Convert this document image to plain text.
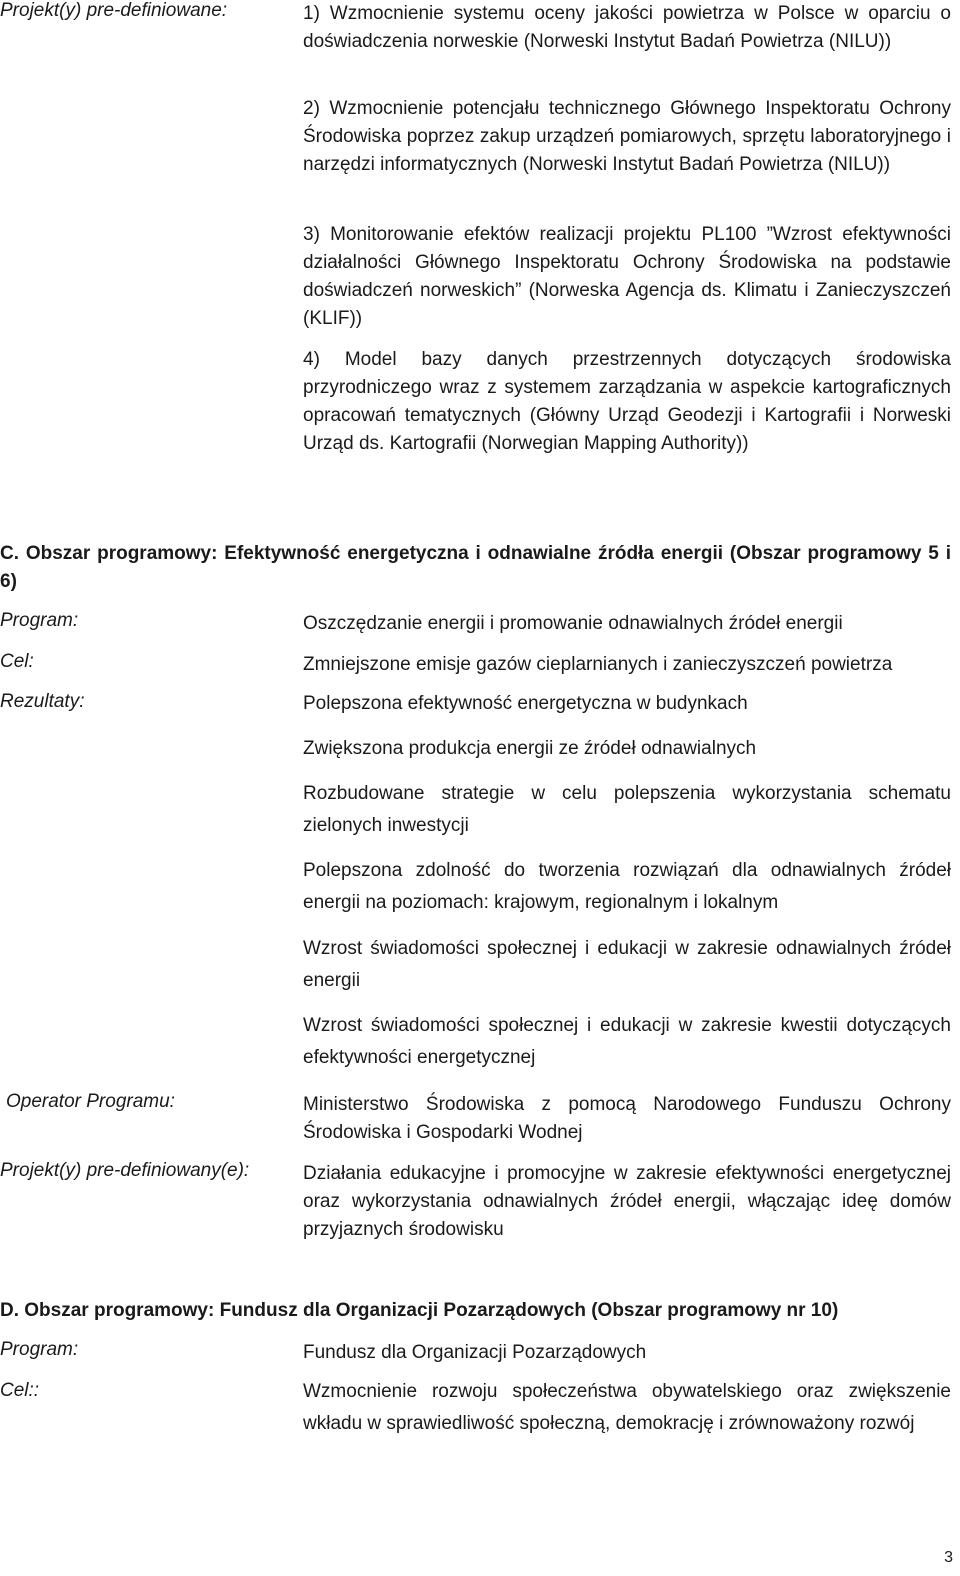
Projekt(y) pre-definiowane:	1) Wzmocnienie systemu oceny jakości powietrza w Polsce w oparciu o doświadczenia norweskie (Norweski Instytut Badań Powietrza (NILU))
2) Wzmocnienie potencjału technicznego Głównego Inspektoratu Ochrony Środowiska poprzez zakup urządzeń pomiarowych, sprzętu laboratoryjnego i narzędzi informatycznych (Norweski Instytut Badań Powietrza (NILU))
3) Monitorowanie efektów realizacji projektu PL100 ”Wzrost efektywności działalności Głównego Inspektoratu Ochrony Środowiska na podstawie doświadczeń norweskich” (Norweska Agencja ds. Klimatu i Zanieczyszczeń (KLIF))
4) Model bazy danych przestrzennych dotyczących środowiska przyrodniczego wraz z systemem zarządzania w aspekcie kartograficznych opracowań tematycznych (Główny Urząd Geodezji i Kartografii i Norweski Urząd ds. Kartografii (Norwegian Mapping Authority))
C. Obszar programowy: Efektywność energetyczna i odnawialne źródła energii (Obszar programowy 5 i 6)
Program:	Oszczędzanie energii i promowanie odnawialnych źródeł energii
Cel:	Zmniejszone emisje gazów cieplarnianych i zanieczyszczeń powietrza
Rezultaty:	Polepszona efektywność energetyczna w budynkach
Zwiększona produkcja energii ze źródeł odnawialnych
Rozbudowane strategie w celu polepszenia wykorzystania schematu zielonych inwestycji
Polepszona zdolność do tworzenia rozwiązań dla odnawialnych źródeł energii na poziomach: krajowym, regionalnym i lokalnym
Wzrost świadomości społecznej i edukacji w zakresie odnawialnych źródeł energii
Wzrost świadomości społecznej i edukacji w zakresie kwestii dotyczących efektywności energetycznej
Operator Programu:	Ministerstwo Środowiska z pomocą Narodowego Funduszu Ochrony Środowiska i Gospodarki Wodnej
Projekt(y) pre-definiowany(e):	Działania edukacyjne i promocyjne w zakresie efektywności energetycznej oraz wykorzystania odnawialnych źródeł energii, włączając ideę domów przyjaznych środowisku
D. Obszar programowy: Fundusz dla Organizacji Pozarządowych (Obszar programowy nr 10)
Program:	Fundusz dla Organizacji Pozarządowych
Cel::	Wzmocnienie rozwoju społeczeństwa obywatelskiego oraz zwiększenie wkładu w sprawiedliwość społeczną, demokrację i zrównoważony rozwój
3
